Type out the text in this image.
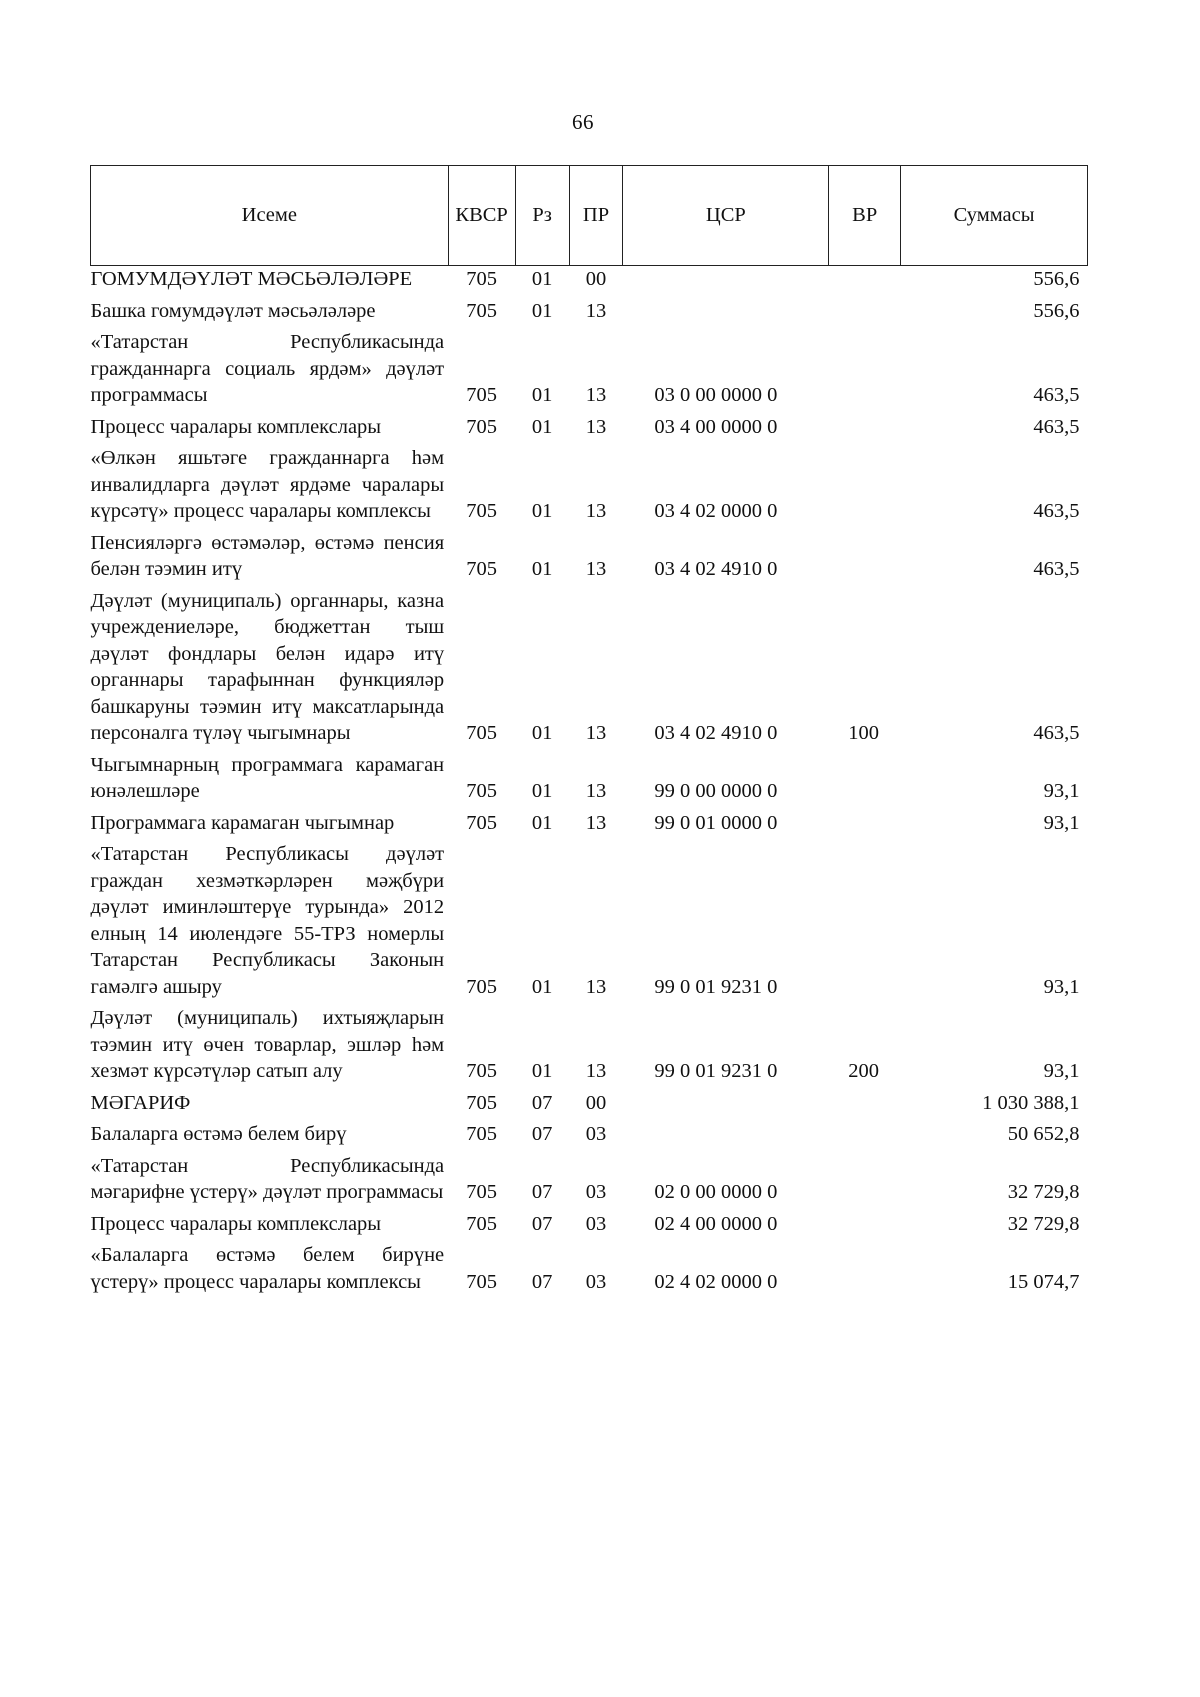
66
Исеме	КВСР	Рз	ПР	ЦСР	ВР	Суммасы
ГОМУМДӘҮЛӘТ МӘСЬӘЛӘЛӘРЕ	705	01	00			556,6
Башка гомумдәүләт мәсьәләләре	705	01	13			556,6
«Татарстан Республикасында гражданнарга социаль ярдәм» дәүләт программасы	705	01	13	03 0 00 0000 0		463,5
Процесс чаралары комплекслары	705	01	13	03 4 00 0000 0		463,5
«Өлкән яшьтәге гражданнарга һәм инвалидларга дәүләт ярдәме чаралары күрсәтү» процесс чаралары комплексы	705	01	13	03 4 02 0000 0		463,5
Пенсияләргә өстәмәләр, өстәмә пенсия белән тәэмин итү	705	01	13	03 4 02 4910 0		463,5
Дәүләт (муниципаль) органнары, казна учреждениеләре, бюджеттан тыш дәүләт фондлары белән идарә итү органнары тарафыннан функцияләр башкаруны тәэмин итү максатларында персоналга түләү чыгымнары	705	01	13	03 4 02 4910 0	100	463,5
Чыгымнарның программага карамаган юнәлешләре	705	01	13	99 0 00 0000 0		93,1
Программага карамаган чыгымнар	705	01	13	99 0 01 0000 0		93,1
«Татарстан Республикасы дәүләт граждан хезмәткәрләрен мәҗбүри дәүләт иминләштерүе турында» 2012 елның 14 июлендәге 55-ТРЗ номерлы Татарстан Республикасы Законын гамәлгә ашыру	705	01	13	99 0 01 9231 0		93,1
Дәүләт (муниципаль) ихтыяҗларын тәэмин итү өчен товарлар, эшләр һәм хезмәт күрсәтүләр сатып алу	705	01	13	99 0 01 9231 0	200	93,1
МӘГАРИФ	705	07	00			1 030 388,1
Балаларга өстәмә белем бирү	705	07	03			50 652,8
«Татарстан Республикасында мәгарифне үстерү» дәүләт программасы	705	07	03	02 0 00 0000 0		32 729,8
Процесс чаралары комплекслары	705	07	03	02 4 00 0000 0		32 729,8
«Балаларга өстәмә белем бирүне үстерү» процесс чаралары комплексы	705	07	03	02 4 02 0000 0		15 074,7
